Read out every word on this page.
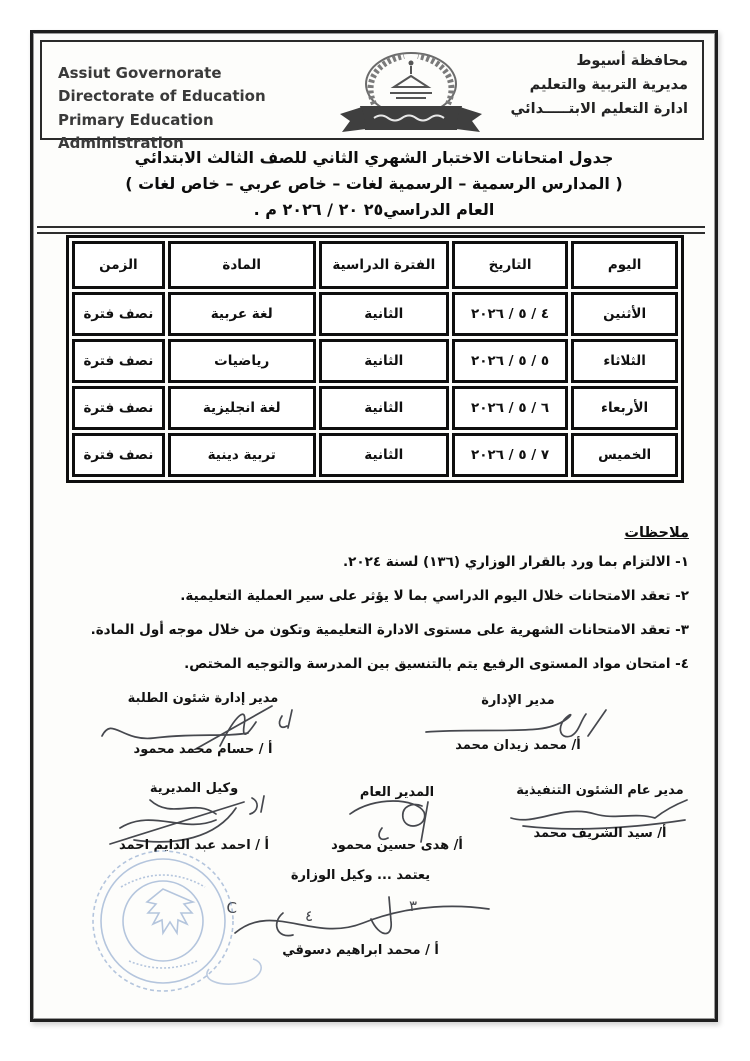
Assiut Governorate
Directorate of Education
Primary Education Administration
محافظة أسيوط
مديرية التربية والتعليم
ادارة التعليم الابتـــــدائي
جدول امتحانات الاختبار الشهري الثاني للصف الثالث الابتدائي
( المدارس الرسمية – الرسمية لغات – خاص عربي – خاص لغات )
العام الدراسي٢٥ ٢٠ / ٢٠٢٦ م .
اليوم	التاريخ	الفترة الدراسية	المادة	الزمن
الأثنين	٤ / ٥ / ٢٠٢٦	الثانية	لغة عربية	نصف فترة
الثلاثاء	٥ / ٥ / ٢٠٢٦	الثانية	رياضيات	نصف فترة
الأربعاء	٦ / ٥ / ٢٠٢٦	الثانية	لغة انجليزية	نصف فترة
الخميس	٧ / ٥ / ٢٠٢٦	الثانية	تربية دينية	نصف فترة
ملاحظات
١- الالتزام بما ورد بالقرار الوزاري (١٣٦) لسنة ٢٠٢٤.
٢- تعقد الامتحانات خلال اليوم الدراسي بما لا يؤثر على سير العملية التعليمية.
٣- تعقد الامتحانات الشهرية على مستوى الادارة التعليمية وتكون من خلال موجه أول المادة.
٤- امتحان مواد المستوى الرفيع يتم بالتنسيق بين المدرسة والتوجيه المختص.
مدير الإدارة
أ/ محمد زيدان محمد
مدير إدارة شئون الطلبة
أ / حسام محمد محمود
مدير عام الشئون التنفيذية
أ/ سيد الشريف محمد
المدير العام
أ/ هدى حسين محمود
وكيل المديرية
أ / احمد عبد الدايم احمد
يعتمد ... وكيل الوزارة
C	٤
٣
أ / محمد ابراهيم دسوقي
